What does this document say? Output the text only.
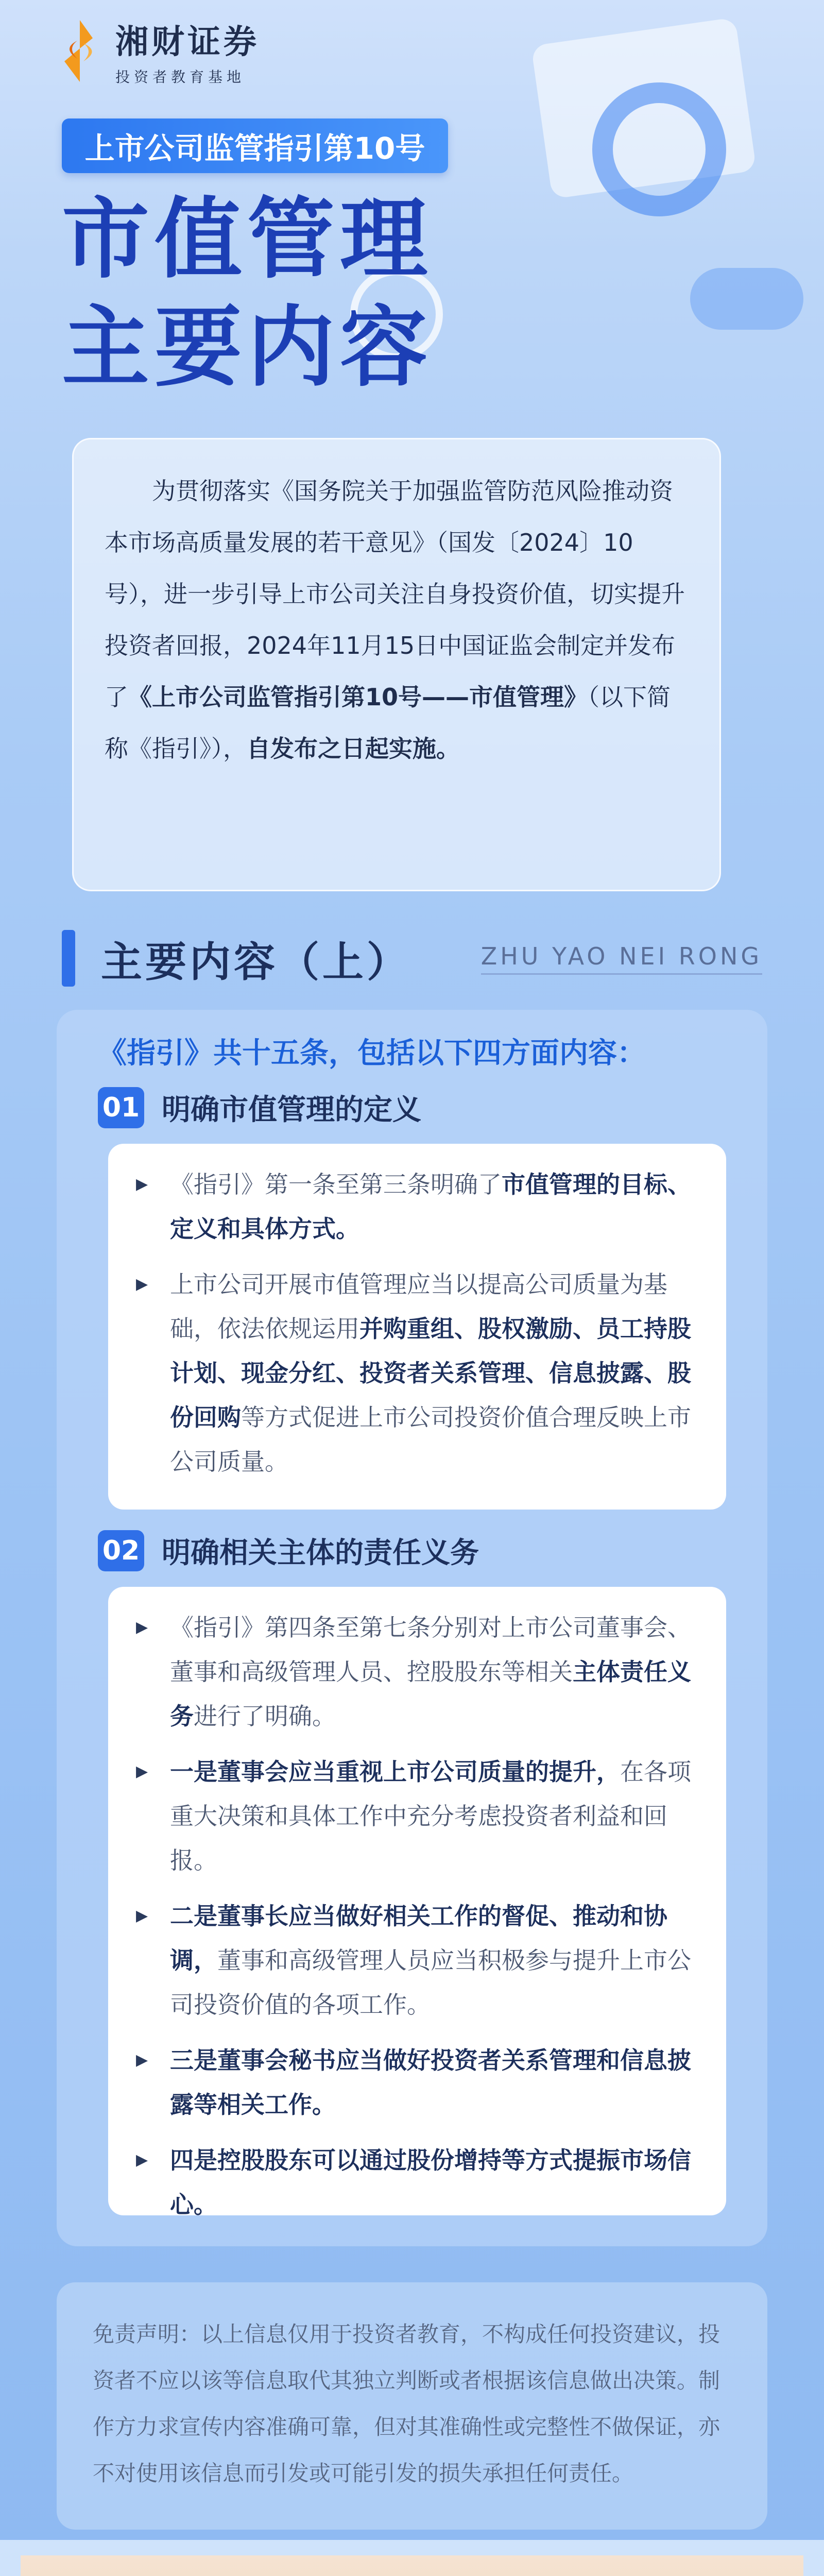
湘财证券
投资者教育基地
上市公司监管指引第10号
市值管理
主要内容

为贯彻落实《国务院关于加强监管防范风险推动资本市场高质量发展的若干意见》（国发〔2024〕10号），进一步引导上市公司关注自身投资价值，切实提升投资者回报，2024年11月15日中国证监会制定并发布了《上市公司监管指引第10号——市值管理》（以下简称《指引》），自发布之日起实施。

主要内容（上）	ZHU YAO NEI RONG
《指引》共十五条，包括以下四方面内容：
01 明确市值管理的定义
▶ 《指引》第一条至第三条明确了市值管理的目标、定义和具体方式。
▶ 上市公司开展市值管理应当以提高公司质量为基础，依法依规运用并购重组、股权激励、员工持股计划、现金分红、投资者关系管理、信息披露、股份回购等方式促进上市公司投资价值合理反映上市公司质量。
02 明确相关主体的责任义务
▶ 《指引》第四条至第七条分别对上市公司董事会、董事和高级管理人员、控股股东等相关主体责任义务进行了明确。
▶ 一是董事会应当重视上市公司质量的提升，在各项重大决策和具体工作中充分考虑投资者利益和回报。
▶ 二是董事长应当做好相关工作的督促、推动和协调，董事和高级管理人员应当积极参与提升上市公司投资价值的各项工作。
▶ 三是董事会秘书应当做好投资者关系管理和信息披露等相关工作。
▶ 四是控股股东可以通过股份增持等方式提振市场信心。
免责声明：以上信息仅用于投资者教育，不构成任何投资建议，投资者不应以该等信息取代其独立判断或者根据该信息做出决策。制作方力求宣传内容准确可靠，但对其准确性或完整性不做保证，亦不对使用该信息而引发或可能引发的损失承担任何责任。
